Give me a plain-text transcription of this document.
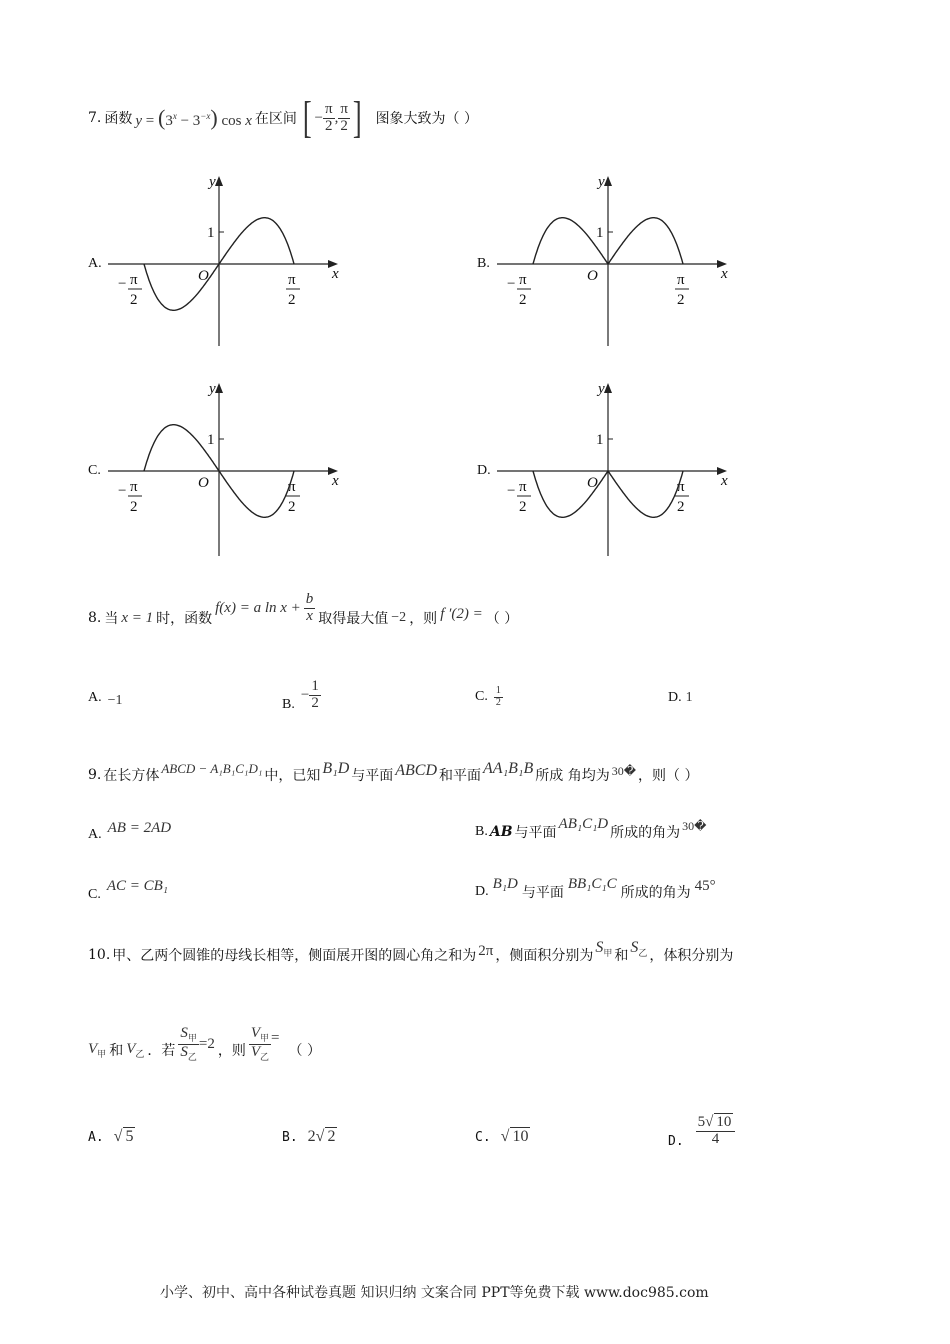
7. 函数 $y = (3^x - 3^{-x})$ cos x 在区间 [ − $\frac{\pi}{2}$ , $\frac{\pi}{2}$ ] 图象大致为（ ）
A.
1
y
x
O
− π
2
π
2
B.
1
y
x
O
− π
2
π
2
C.
1
y
x
O
− π
2
π
2
D.
1
y
x
O
− π
2
π
2
8. 当 x = 1 时，函数
f(x) = a $\ln x + \frac{b}{x}$ 取得最大值 −2 ，则 f ′(2) = （ ）
A. −1	B.
− $\frac{1}{2}$	C. $\frac{1}{2}$	D. 1
9. 在长方体 ABCD − A₁B₁C₁D₁ 中，已知 B₁D 与平面 ABCD 和平面 AA₁B₁B 所成 角均为 30� ，则（ ）
A. AB = 2AD	B. AB 与平面
AB₁C₁D
所成的角为 30�
C. AC = CB₁	D. B₁D
与平面
BB₁C₁C
所成的角为 45°
10. 甲、乙两个圆锥的母线长相等，侧面展开图的圆心角之和为 2π ，侧面积分别为
$S_甲$ 和
$S_乙$ ，体积分别为
$V_甲$ 和 $V_乙$ ．若 $\frac{S_甲}{S_乙} =2$ ，则 $\frac{V_甲}{V_乙}$ =
（ ）
A. √ 5	B. 2√ 2	C. √ 10	D. $\frac{5√ 10}{4}$
小学、初中、高中各种试卷真题 知识归纳 文案合同 PPT等免费下载 www.doc985.com
